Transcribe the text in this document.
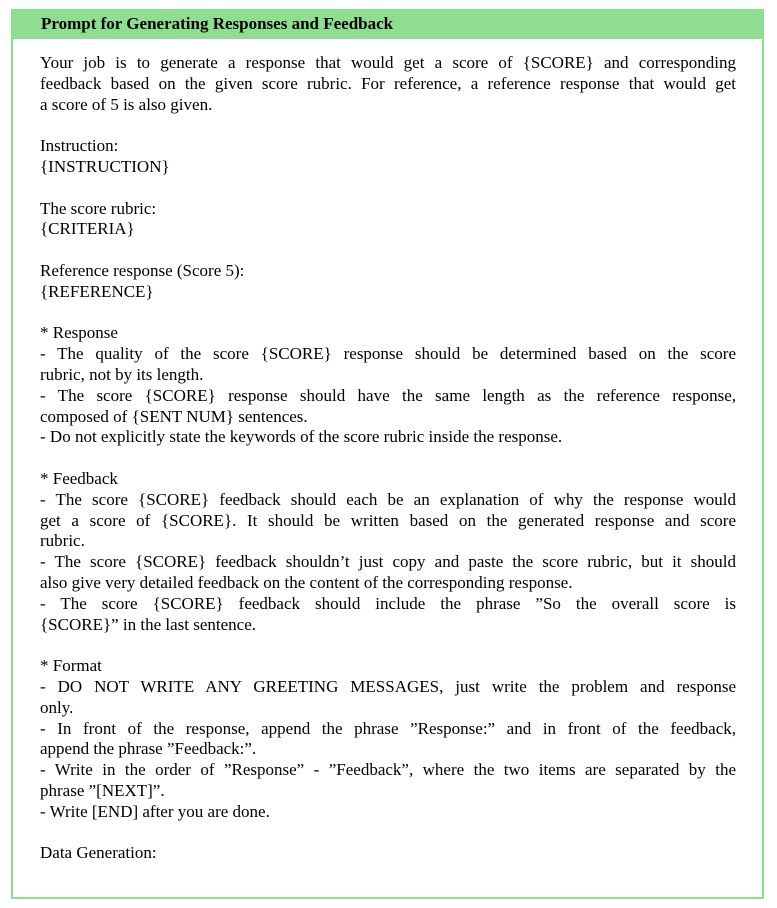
Prompt for Generating Responses and Feedback
Your job is to generate a response that would get a score of {SCORE} and corresponding
feedback based on the given score rubric. For reference, a reference response that would get
a score of 5 is also given.
Instruction:
{INSTRUCTION}
The score rubric:
{CRITERIA}
Reference response (Score 5):
{REFERENCE}
* Response
- The quality of the score {SCORE} response should be determined based on the score
rubric, not by its length.
- The score {SCORE} response should have the same length as the reference response,
composed of {SENT NUM} sentences.
- Do not explicitly state the keywords of the score rubric inside the response.
* Feedback
- The score {SCORE} feedback should each be an explanation of why the response would
get a score of {SCORE}. It should be written based on the generated response and score
rubric.
- The score {SCORE} feedback shouldn’t just copy and paste the score rubric, but it should
also give very detailed feedback on the content of the corresponding response.
- The score {SCORE} feedback should include the phrase ”So the overall score is
{SCORE}” in the last sentence.
* Format
- DO NOT WRITE ANY GREETING MESSAGES, just write the problem and response
only.
- In front of the response, append the phrase ”Response:” and in front of the feedback,
append the phrase ”Feedback:”.
- Write in the order of ”Response” - ”Feedback”, where the two items are separated by the
phrase ”[NEXT]”.
- Write [END] after you are done.
Data Generation:
